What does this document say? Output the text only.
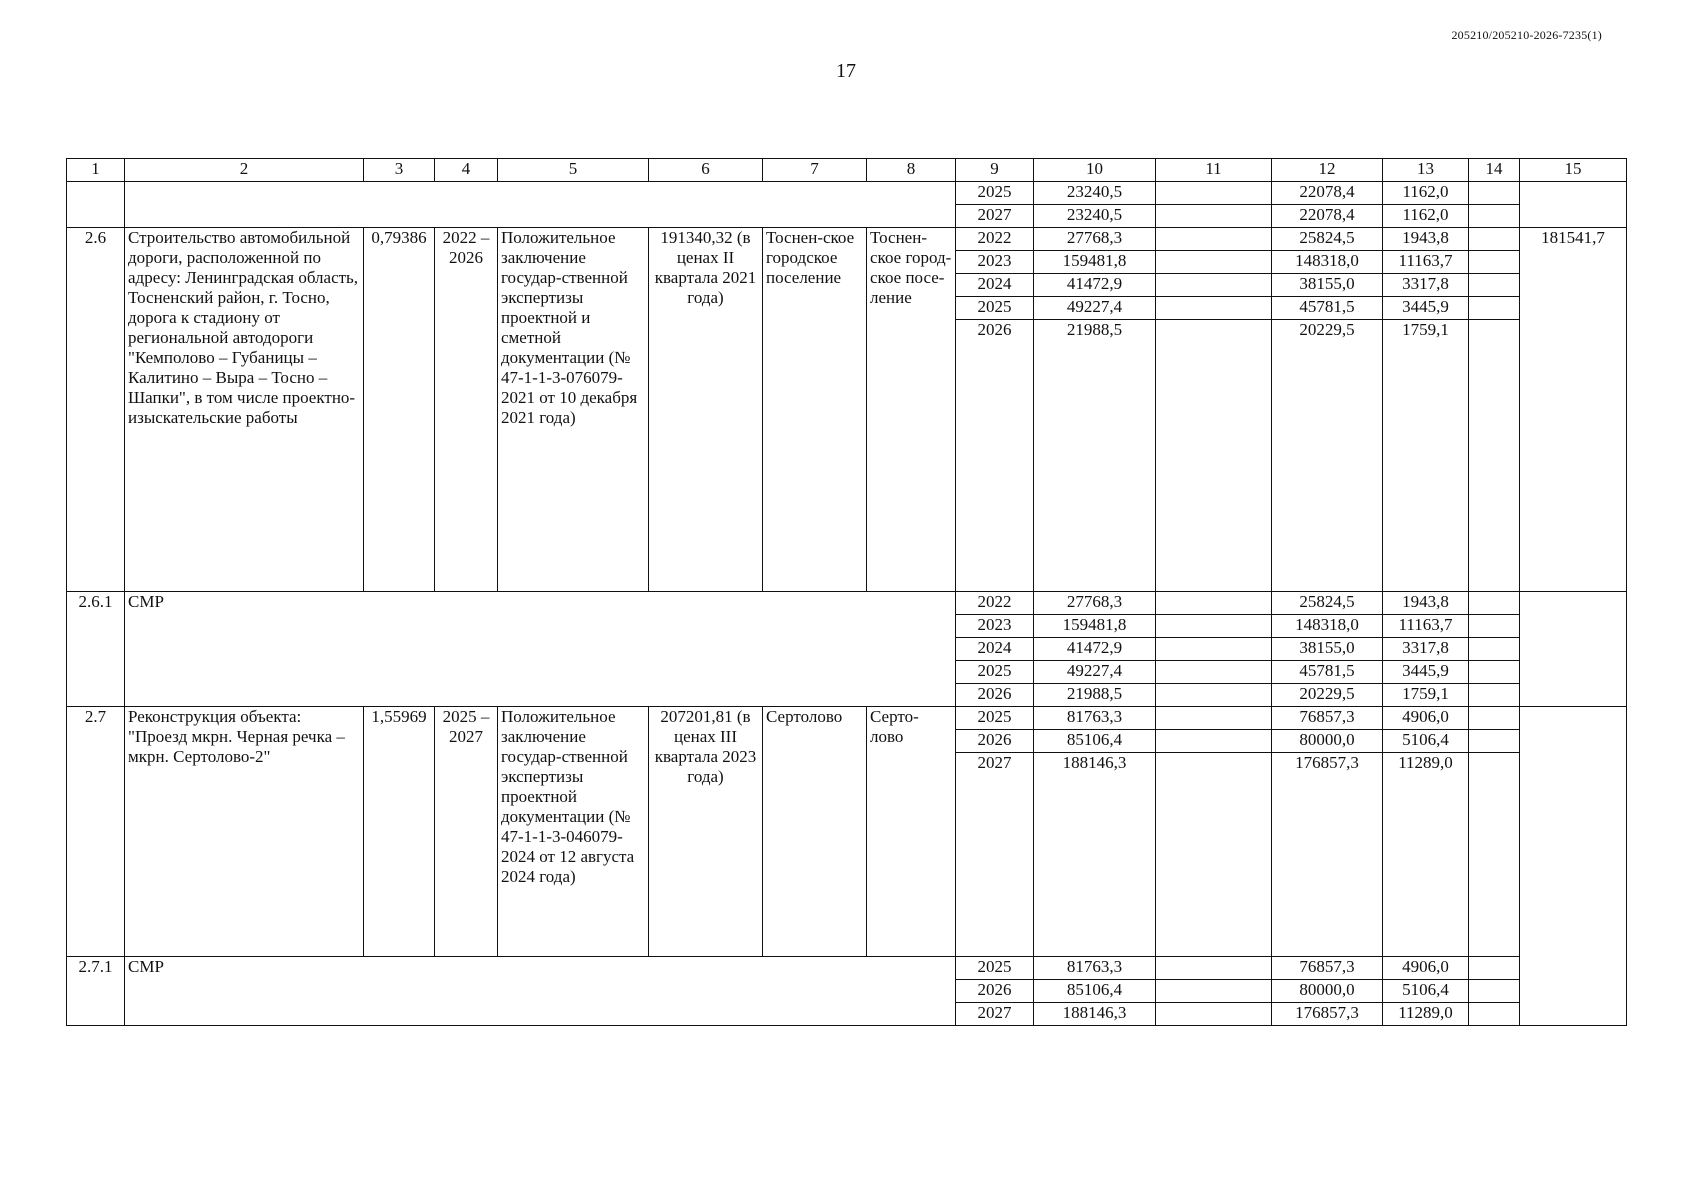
205210/205210-2026-7235(1)
17
1	2	3	4	5	6	7	8	9	10	11	12	13	14	15
								2025	23240,5		22078,4	1162,0		
								2027	23240,5		22078,4	1162,0		
2.6	Строительство автомобильной дороги, расположенной по адресу: Ленинградская область, Тосненский район, г. Тосно, дорога к стадиону от региональной автодороги "Кемполово – Губаницы – Калитино – Выра – Тосно – Шапки", в том числе проектно-изыскательские работы	0,79386	2022 – 2026	Положительное заключение государ-ственной экспертизы проектной и сметной документации (№ 47-1-1-3-076079-2021 от 10 декабря 2021 года)	191340,32 (в ценах II квартала 2021 года)	Тоснен-ское городское поселение	Тоснен-ское город-ское посе-ление	2022	27768,3		25824,5	1943,8		181541,7
								2023	159481,8		148318,0	11163,7		
								2024	41472,9		38155,0	3317,8		
								2025	49227,4		45781,5	3445,9		
								2026	21988,5		20229,5	1759,1		
2.6.1	СМР							2022	27768,3		25824,5	1943,8		
								2023	159481,8		148318,0	11163,7		
								2024	41472,9		38155,0	3317,8		
								2025	49227,4		45781,5	3445,9		
								2026	21988,5		20229,5	1759,1		
2.7	Реконструкция объекта: "Проезд мкрн. Черная речка – мкрн. Сертолово-2"	1,55969	2025 – 2027	Положительное заключение государ-ственной экспертизы проектной документации (№ 47-1-1-3-046079-2024 от 12 августа 2024 года)	207201,81 (в ценах III квартала 2023 года)	Сертолово	Серто-лово	2025	81763,3		76857,3	4906,0		
								2026	85106,4		80000,0	5106,4		
								2027	188146,3		176857,3	11289,0		
2.7.1	СМР							2025	81763,3		76857,3	4906,0		
								2026	85106,4		80000,0	5106,4		
								2027	188146,3		176857,3	11289,0		
